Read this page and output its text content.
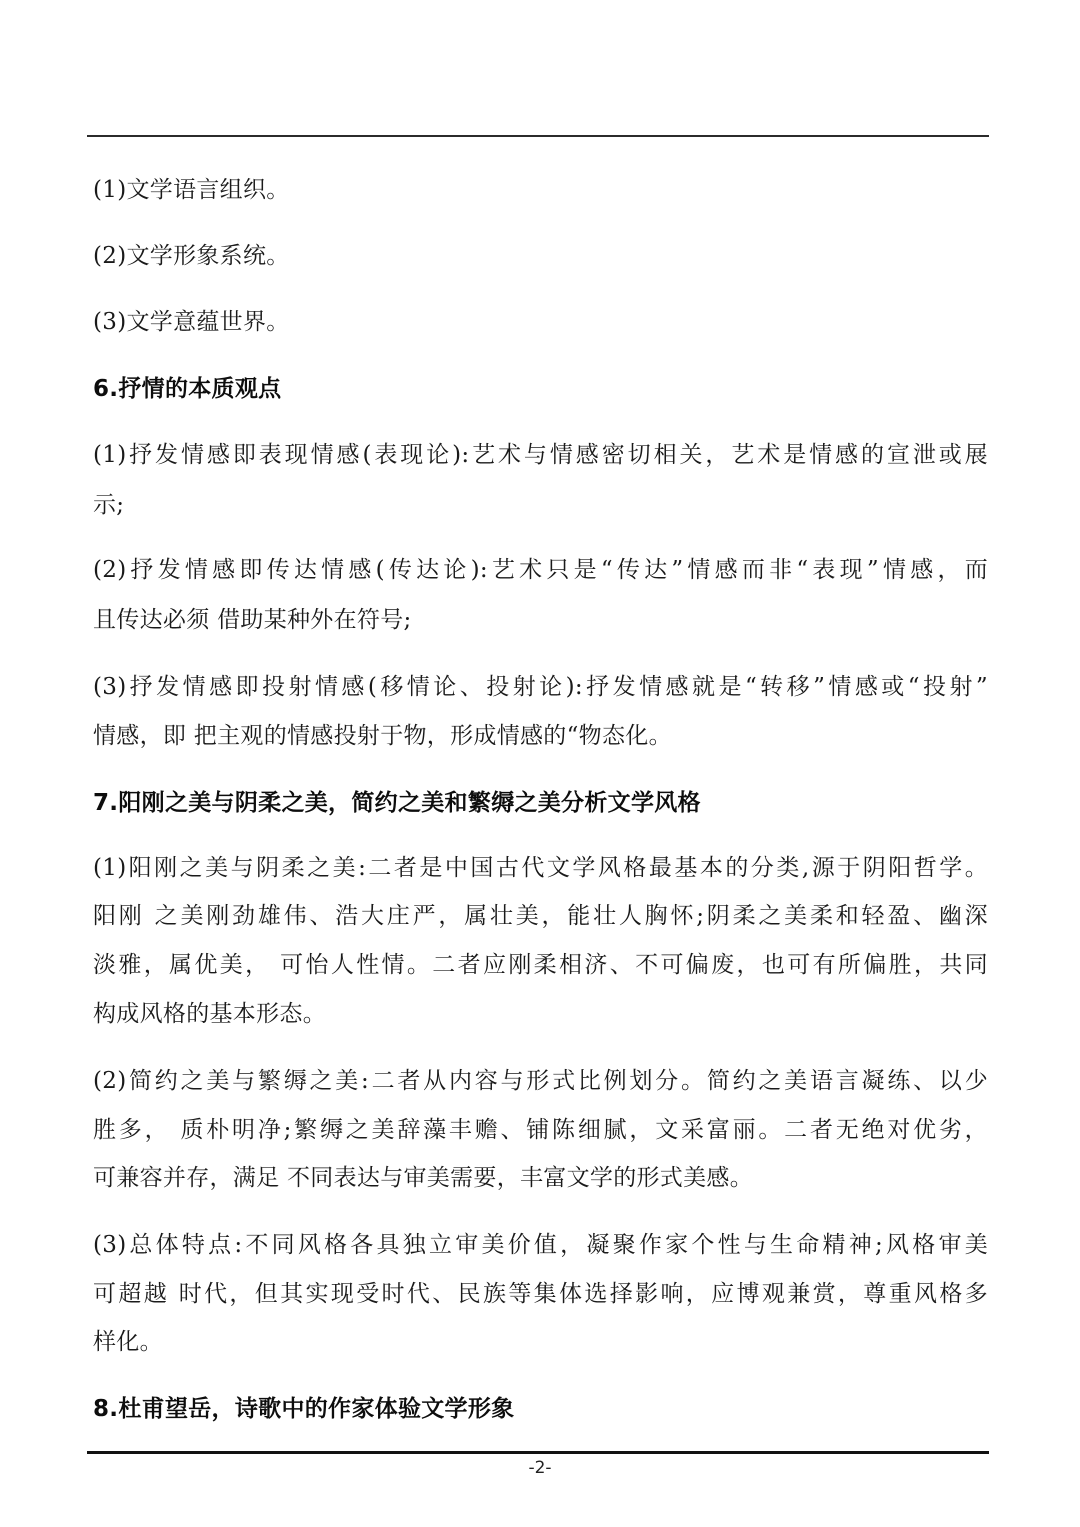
(1)文学语言组织。
(2)文学形象系统。
(3)文学意蕴世界。
6.抒情的本质观点
(1)抒发情感即表现情感(表现论):艺术与情感密切相关，艺术是情感的宣泄或展
示;
(2)抒发情感即传达情感(传达论):艺术只是“传达”情感而非“表现”情感，而
且传达必须 借助某种外在符号;
(3)抒发情感即投射情感(移情论、投射论):抒发情感就是“转移”情感或“投射”
情感，即 把主观的情感投射于物，形成情感的“物态化。
7.阳刚之美与阴柔之美，简约之美和繁缛之美分析文学风格
(1)阳刚之美与阴柔之美:二者是中国古代文学风格最基本的分类,源于阴阳哲学。
阳刚 之美刚劲雄伟、浩大庄严，属壮美，能壮人胸怀;阴柔之美柔和轻盈、幽深
淡雅，属优美， 可怡人性情。二者应刚柔相济、不可偏废，也可有所偏胜，共同
构成风格的基本形态。
(2)简约之美与繁缛之美:二者从内容与形式比例划分。简约之美语言凝练、以少
胜多， 质朴明净;繁缛之美辞藻丰赡、铺陈细腻，文采富丽。二者无绝对优劣，
可兼容并存，满足 不同表达与审美需要，丰富文学的形式美感。
(3)总体特点:不同风格各具独立审美价值，凝聚作家个性与生命精神;风格审美
可超越 时代，但其实现受时代、民族等集体选择影响，应博观兼赏，尊重风格多
样化。
8.杜甫望岳，诗歌中的作家体验文学形象
-2-
